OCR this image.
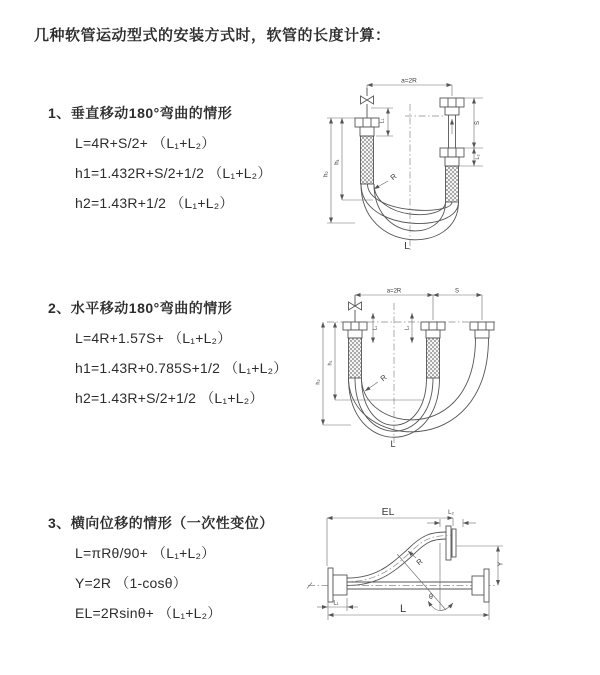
几种软管运动型式的安装方式时，软管的长度计算：
1、垂直移动180°弯曲的情形
L=4R+S/2+ （L₁+L₂）
h1=1.432R+S/2+1/2 （L₁+L₂）
h2=1.43R+1/2 （L₁+L₂）
2、水平移动180°弯曲的情形
L=4R+1.57S+ （L₁+L₂）
h1=1.43R+0.785S+1/2 （L₁+L₂）
h2=1.43R+S/2+1/2 （L₁+L₂）
3、横向位移的情形（一次性变位）
L=πRθ/90+ （L₁+L₂）
Y=2R （1-cosθ）
EL=2Rsinθ+ （L₁+L₂）
a=2R
h₁
h₂
L₁	S
L₂
R
L
a=2R	S
L₁	L₂
h₁
h₂	R
L
EL	L₂
Y
θ
R
L₁	L
